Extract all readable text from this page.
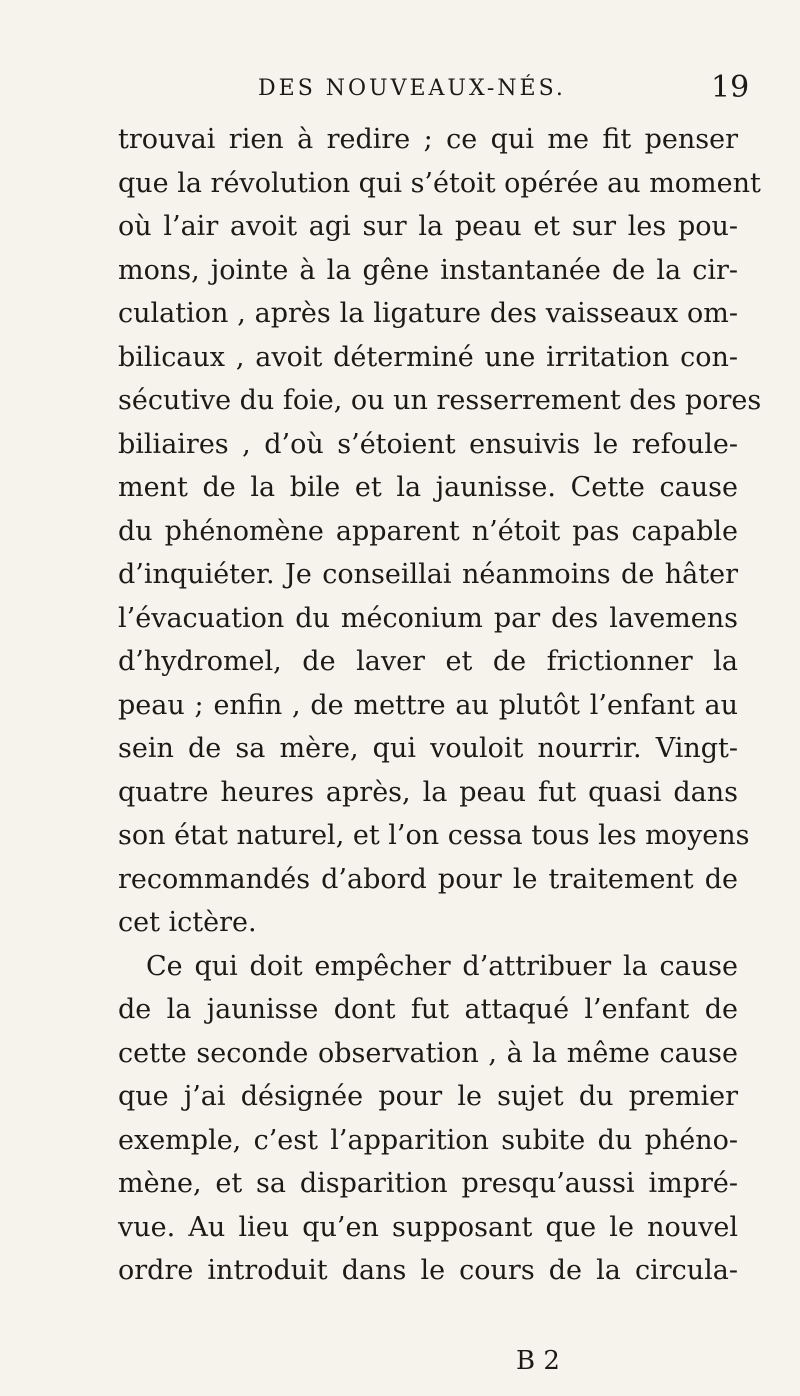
DES NOUVEAUX-NÉS.	19
trouvai rien à redire ; ce qui me fit penser
que la révolution qui s’étoit opérée au moment
où l’air avoit agi sur la peau et sur les pou-
mons, jointe à la gêne instantanée de la cir-
culation , après la ligature des vaisseaux om-
bilicaux , avoit déterminé une irritation con-
sécutive du foie, ou un resserrement des pores
biliaires , d’où s’étoient ensuivis le refoule-
ment de la bile et la jaunisse. Cette cause
du phénomène apparent n’étoit pas capable
d’inquiéter. Je conseillai néanmoins de hâter
l’évacuation du méconium par des lavemens
d’hydromel, de laver et de frictionner la
peau ; enfin , de mettre au plutôt l’enfant au
sein de sa mère, qui vouloit nourrir. Vingt-
quatre heures après, la peau fut quasi dans
son état naturel, et l’on cessa tous les moyens
recommandés d’abord pour le traitement de
cet ictère.
Ce qui doit empêcher d’attribuer la cause
de la jaunisse dont fut attaqué l’enfant de
cette seconde observation , à la même cause
que j’ai désignée pour le sujet du premier
exemple, c’est l’apparition subite du phéno-
mène, et sa disparition presqu’aussi impré-
vue. Au lieu qu’en supposant que le nouvel
ordre introduit dans le cours de la circula-
B 2
